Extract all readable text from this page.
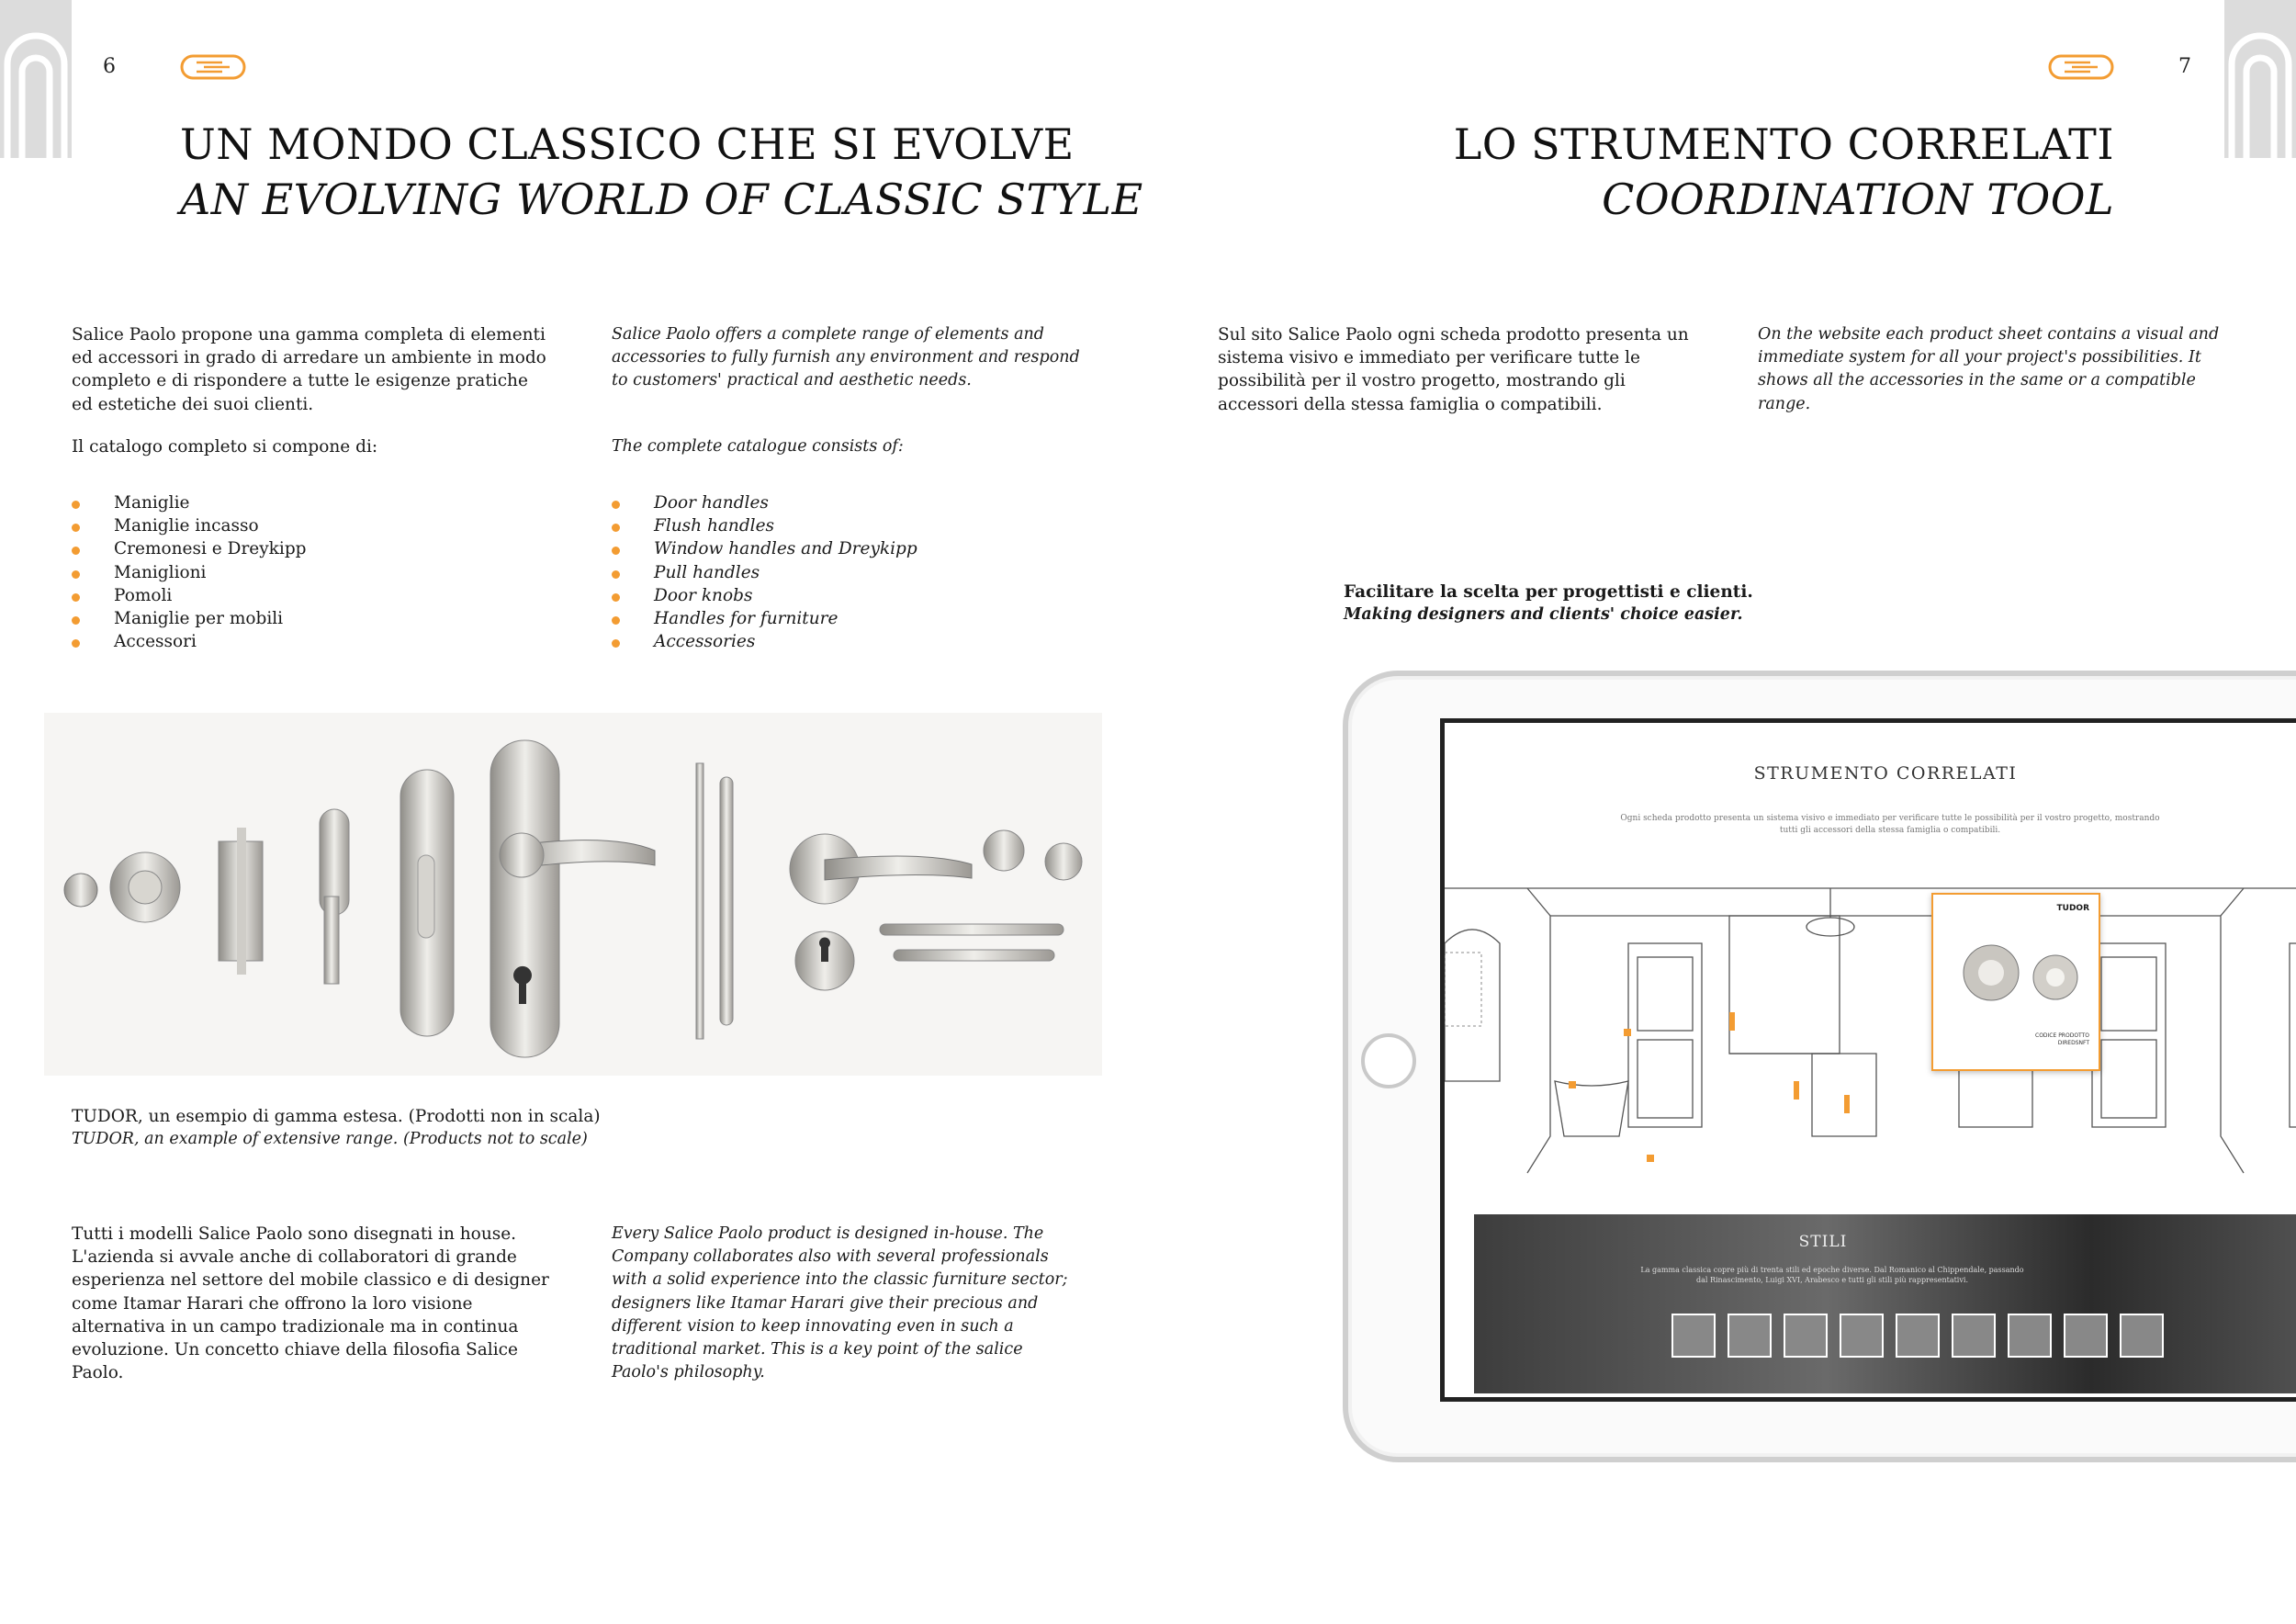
6	7
UN MONDO CLASSICO CHE SI EVOLVE
AN EVOLVING WORLD OF CLASSIC STYLE
Salice Paolo propone una gamma completa di elementi ed accessori in grado di arredare un ambiente in modo completo e di rispondere a tutte le esigenze pratiche ed estetiche dei suoi clienti.
Salice Paolo offers a complete range of elements and accessories to fully furnish any environment and respond to customers' practical and aesthetic needs.
Il catalogo completo si compone di:	The complete catalogue consists of:
Maniglie
Maniglie incasso
Cremonesi e Dreykipp
Maniglioni
Pomoli
Maniglie per mobili
Accessori
Door handles
Flush handles
Window handles and Dreykipp
Pull handles
Door knobs
Handles for furniture
Accessories
TUDOR, un esempio di gamma estesa. (Prodotti non in scala)
TUDOR, an example of extensive range. (Products not to scale)
Tutti i modelli Salice Paolo sono disegnati in house. L'azienda si avvale anche di collaboratori di grande esperienza nel settore del mobile classico e di designer come Itamar Harari che offrono la loro visione alternativa in un campo tradizionale ma in continua evoluzione. Un concetto chiave della filosofia Salice Paolo.
Every Salice Paolo product is designed in-house. The Company collaborates also with several professionals with a solid experience into the classic furniture sector; designers like Itamar Harari give their precious and different vision to keep innovating even in such a traditional market. This is a key point of the salice Paolo's philosophy.
LO STRUMENTO CORRELATI
COORDINATION TOOL
Sul sito Salice Paolo ogni scheda prodotto presenta un sistema visivo e immediato per verificare tutte le possibilità per il vostro progetto, mostrando gli accessori della stessa famiglia o compatibili.
On the website each product sheet contains a visual and immediate system for all your project's possibilities. It shows all the accessories in the same or a compatible range.
Facilitare la scelta per progettisti e clienti.
Making designers and clients' choice easier.
STRUMENTO CORRELATI
Ogni scheda prodotto presenta un sistema visivo e immediato per verificare tutte le possibilità per il vostro progetto, mostrando tutti gli accessori della stessa famiglia o compatibili.
TUDOR
CODICE PRODOTTO DIREDSNFT
STILI
La gamma classica copre più di trenta stili ed epoche diverse. Dal Romanico al Chippendale, passando dal Rinascimento, Luigi XVI, Arabesco e tutti gli stili più rappresentativi.
